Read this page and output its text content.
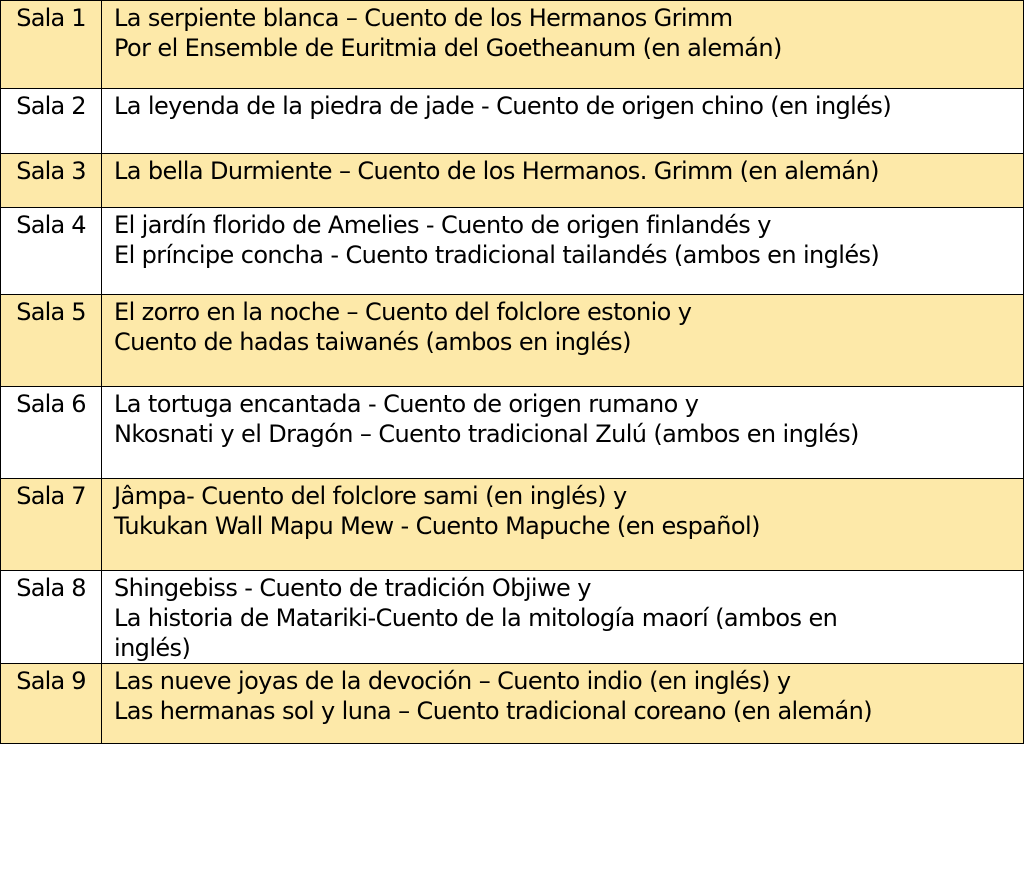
Sala 1	La serpiente blanca – Cuento de los Hermanos Grimm
Por el Ensemble de Euritmia del Goetheanum (en alemán)

Sala 2	La leyenda de la piedra de jade - Cuento de origen chino (en inglés)

Sala 3	La bella Durmiente – Cuento de los Hermanos. Grimm (en alemán)

Sala 4	El jardín florido de Amelies - Cuento de origen finlandés y
El príncipe concha - Cuento tradicional tailandés (ambos en inglés)

Sala 5	El zorro en la noche – Cuento del folclore estonio y
Cuento de hadas taiwanés (ambos en inglés)

Sala 6	La tortuga encantada - Cuento de origen rumano y
Nkosnati y el Dragón – Cuento tradicional Zulú (ambos en inglés)

Sala 7	Jâmpa- Cuento del folclore sami (en inglés) y
Tukukan Wall Mapu Mew - Cuento Mapuche (en español)

Sala 8	Shingebiss - Cuento de tradición Objiwe y
La historia de Matariki-Cuento de la mitología maorí (ambos en
inglés)

Sala 9	Las nueve joyas de la devoción – Cuento indio (en inglés) y
Las hermanas sol y luna – Cuento tradicional coreano (en alemán)
